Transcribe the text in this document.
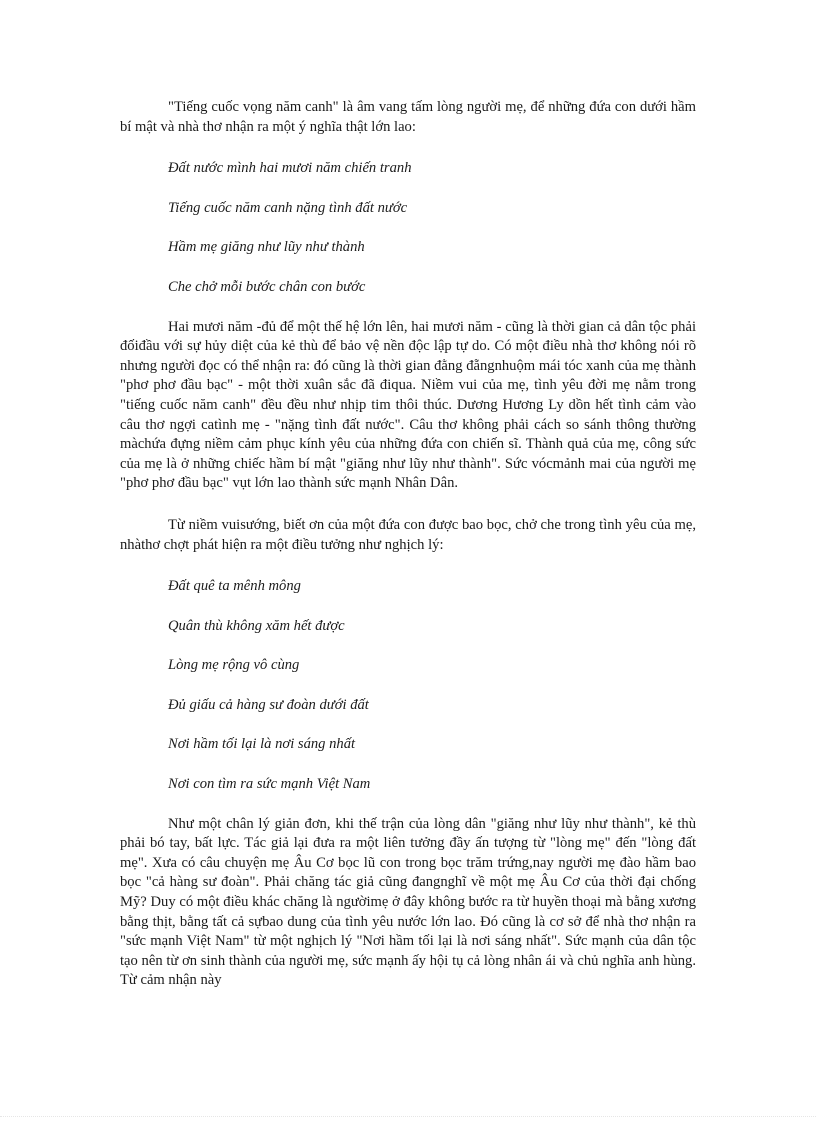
"Tiếng cuốc vọng năm canh" là âm vang tấm lòng người mẹ, để những đứa con dưới hầm bí mật và nhà thơ nhận ra một ý nghĩa thật lớn lao:

Đất nước mình hai mươi năm chiến tranh

Tiếng cuốc năm canh nặng tình đất nước

Hầm mẹ giăng như lũy như thành

Che chở mỗi bước chân con bước

Hai mươi năm -đủ để một thế hệ lớn lên, hai mươi năm - cũng là thời gian cả dân tộc phải đốiđầu với sự hủy diệt của kẻ thù để bảo vệ nền độc lập tự do. Có một điều nhà thơ không nói rõ nhưng người đọc có thể nhận ra: đó cũng là thời gian đằng đẵngnhuộm mái tóc xanh của mẹ thành "phơ phơ đầu bạc" - một thời xuân sắc đã điqua. Niềm vui của mẹ, tình yêu đời mẹ nằm trong "tiếng cuốc năm canh" đều đều như nhịp tim thôi thúc. Dương Hương Ly dồn hết tình cảm vào câu thơ ngợi catình mẹ - "nặng tình đất nước". Câu thơ không phải cách so sánh thông thường màchứa đựng niềm cảm phục kính yêu của những đứa con chiến sĩ. Thành quả của mẹ, công sức của mẹ là ở những chiếc hầm bí mật "giăng như lũy như thành". Sức vócmảnh mai của người mẹ "phơ phơ đầu bạc" vụt lớn lao thành sức mạnh Nhân Dân.

Từ niềm vuisướng, biết ơn của một đứa con được bao bọc, chở che trong tình yêu của mẹ, nhàthơ chợt phát hiện ra một điều tưởng như nghịch lý:

Đất quê ta mênh mông

Quân thù không xăm hết được

Lòng mẹ rộng vô cùng

Đủ giấu cả hàng sư đoàn dưới đất

Nơi hầm tối lại là nơi sáng nhất

Nơi con tìm ra sức mạnh Việt Nam

Như một chân lý giản đơn, khi thế trận của lòng dân "giăng như lũy như thành", kẻ thù phải bó tay, bất lực. Tác giả lại đưa ra một liên tưởng đầy ấn tượng từ "lòng mẹ" đến "lòng đất mẹ". Xưa có câu chuyện mẹ Âu Cơ bọc lũ con trong bọc trăm trứng,nay người mẹ đào hầm bao bọc "cả hàng sư đoàn". Phải chăng tác giả cũng đangnghĩ về một mẹ Âu Cơ của thời đại chống Mỹ? Duy có một điều khác chăng là ngườimẹ ở đây không bước ra từ huyền thoại mà bằng xương bằng thịt, bằng tất cả sựbao dung của tình yêu nước lớn lao. Đó cũng là cơ sở để nhà thơ nhận ra "sức mạnh Việt Nam" từ một nghịch lý "Nơi hầm tối lại là nơi sáng nhất". Sức mạnh của dân tộc tạo nên từ ơn sinh thành của người mẹ, sức mạnh ấy hội tụ cả lòng nhân ái và chủ nghĩa anh hùng. Từ cảm nhận này
